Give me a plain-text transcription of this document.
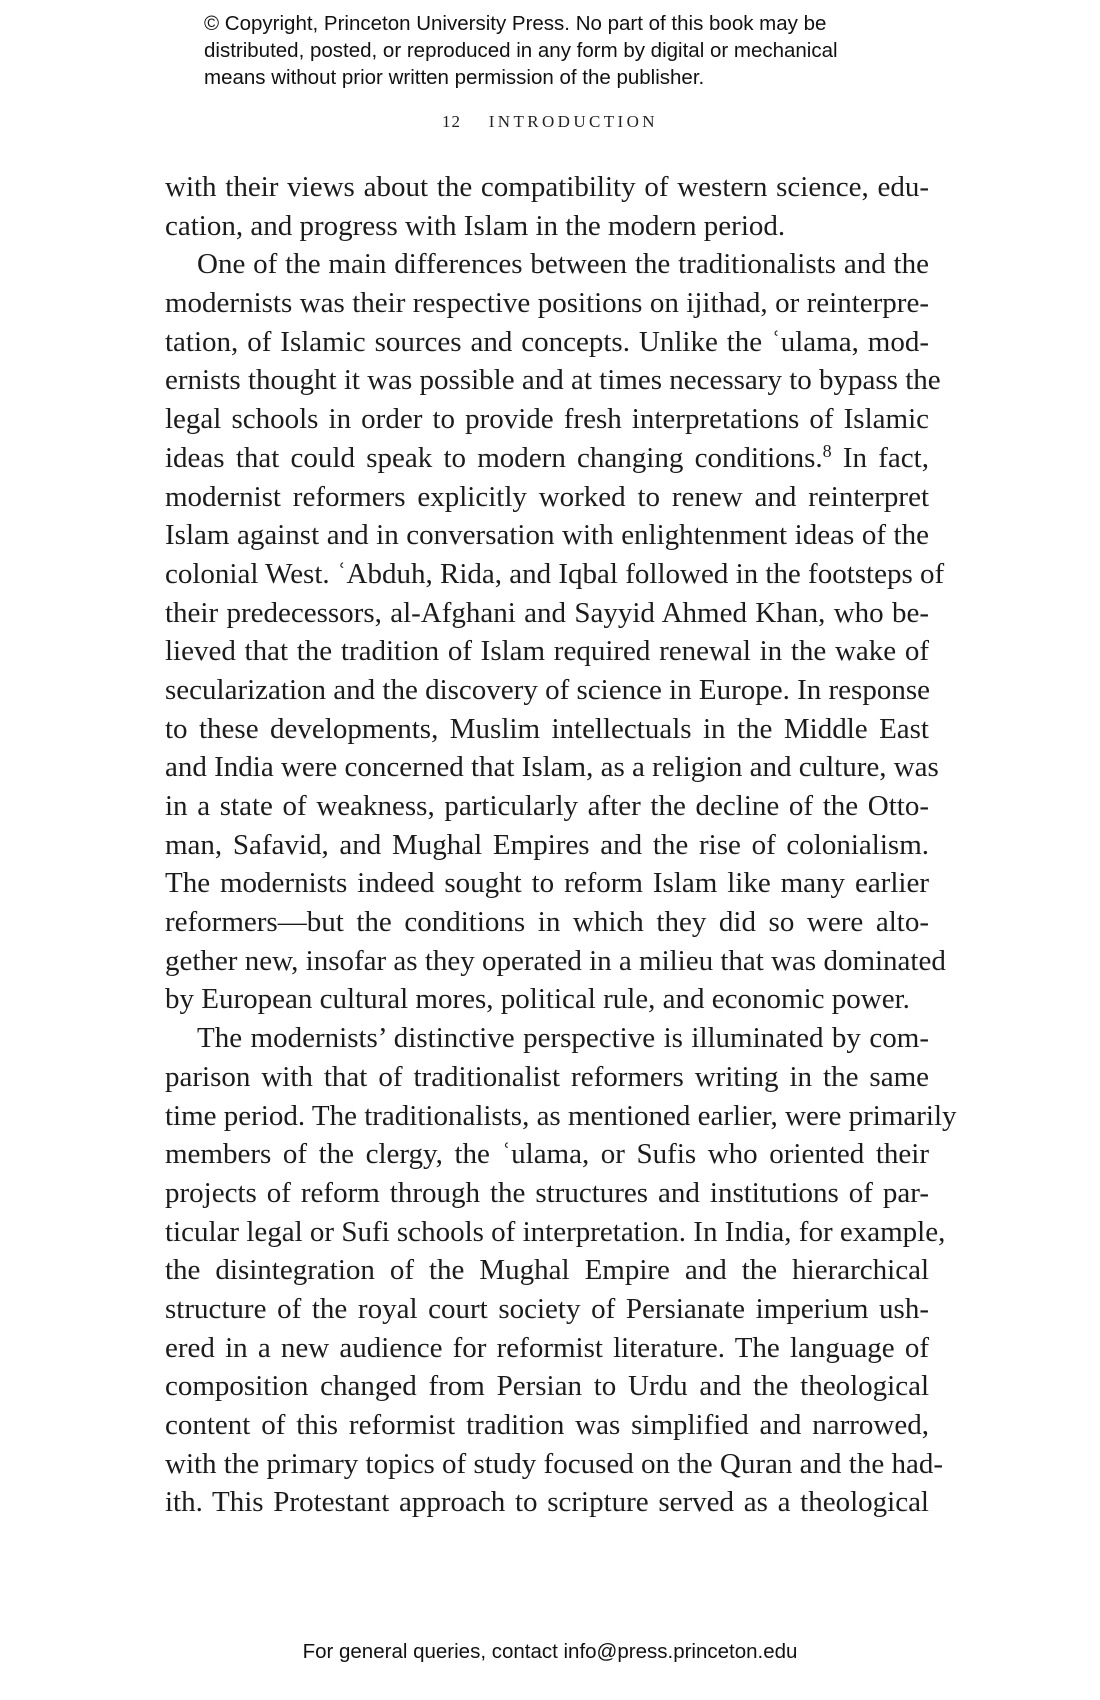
© Copyright, Princeton University Press. No part of this book may be
distributed, posted, or reproduced in any form by digital or mechanical
means without prior written permission of the publisher.
12 INTRODUCTION
with their views about the compatibility of western science, edu-
cation, and progress with Islam in the modern period.
One of the main differences between the traditionalists and the
modernists was their respective positions on ijithad, or reinterpre-
tation, of Islamic sources and concepts. Unlike the ʿulama, mod-
ernists thought it was possible and at times necessary to bypass the
legal schools in order to provide fresh interpretations of Islamic
ideas that could speak to modern changing conditions.$^8$ In fact,
modernist reformers explicitly worked to renew and reinterpret
Islam against and in conversation with enlightenment ideas of the
colonial West. ʿAbduh, Rida, and Iqbal followed in the footsteps of
their predecessors, al-Afghani and Sayyid Ahmed Khan, who be-
lieved that the tradition of Islam required renewal in the wake of
secularization and the discovery of science in Europe. In response
to these developments, Muslim intellectuals in the Middle East
and India were concerned that Islam, as a religion and culture, was
in a state of weakness, particularly after the decline of the Otto-
man, Safavid, and Mughal Empires and the rise of colonialism.
The modernists indeed sought to reform Islam like many earlier
reformers—but the conditions in which they did so were alto-
gether new, insofar as they operated in a milieu that was dominated
by European cultural mores, political rule, and economic power.
The modernists’ distinctive perspective is illuminated by com-
parison with that of traditionalist reformers writing in the same
time period. The traditionalists, as mentioned earlier, were primarily
members of the clergy, the ʿulama, or Sufis who oriented their
projects of reform through the structures and institutions of par-
ticular legal or Sufi schools of interpretation. In India, for example,
the disintegration of the Mughal Empire and the hierarchical
structure of the royal court society of Persianate imperium ush-
ered in a new audience for reformist literature. The language of
composition changed from Persian to Urdu and the theological
content of this reformist tradition was simplified and narrowed,
with the primary topics of study focused on the Quran and the had-
ith. This Protestant approach to scripture served as a theological
For general queries, contact info@press.princeton.edu
